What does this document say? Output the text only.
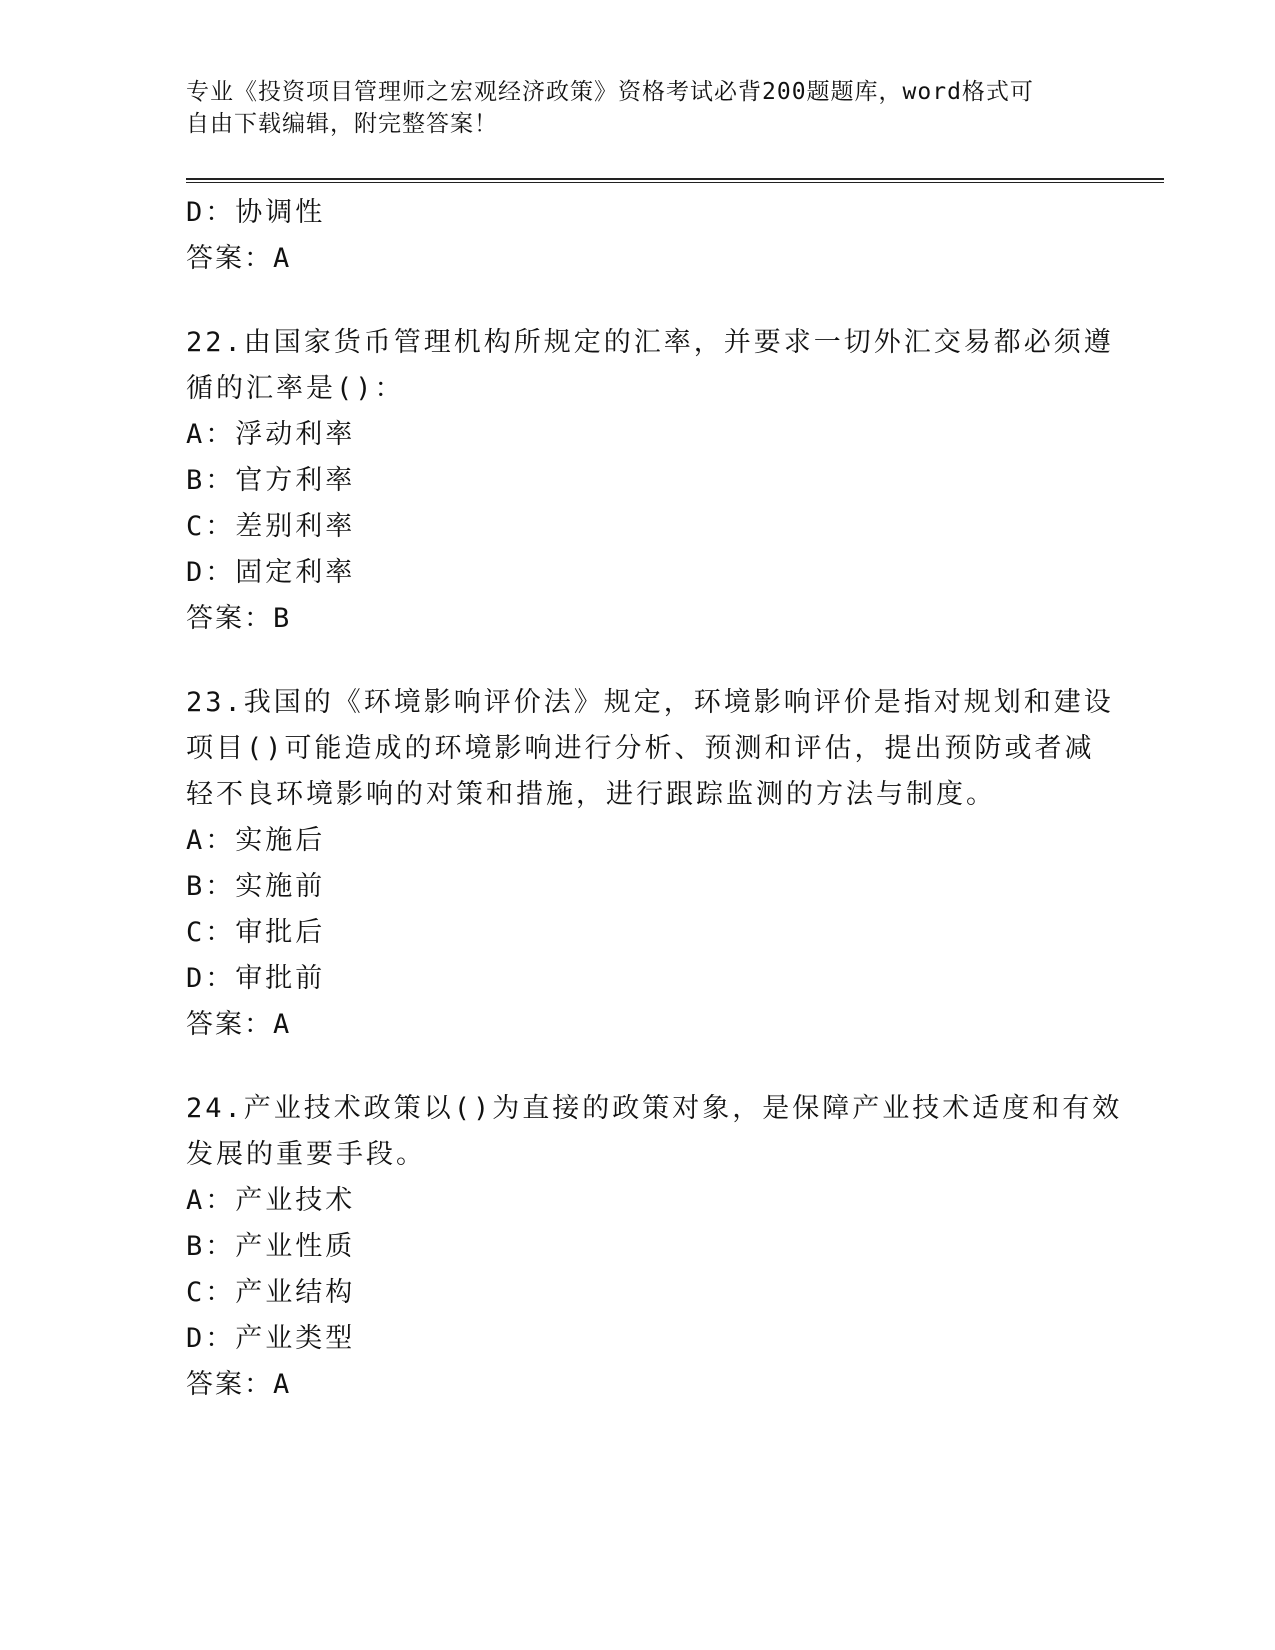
专业《投资项目管理师之宏观经济政策》资格考试必背200题题库，word格式可
自由下载编辑，附完整答案！
D：协调性
答案：A
22.由国家货币管理机构所规定的汇率，并要求一切外汇交易都必须遵
循的汇率是()：
A：浮动利率
B：官方利率
C：差别利率
D：固定利率
答案：B
23.我国的《环境影响评价法》规定，环境影响评价是指对规划和建设
项目()可能造成的环境影响进行分析、预测和评估，提出预防或者减
轻不良环境影响的对策和措施，进行跟踪监测的方法与制度。
A：实施后
B：实施前
C：审批后
D：审批前
答案：A
24.产业技术政策以()为直接的政策对象，是保障产业技术适度和有效
发展的重要手段。
A：产业技术
B：产业性质
C：产业结构
D：产业类型
答案：A
